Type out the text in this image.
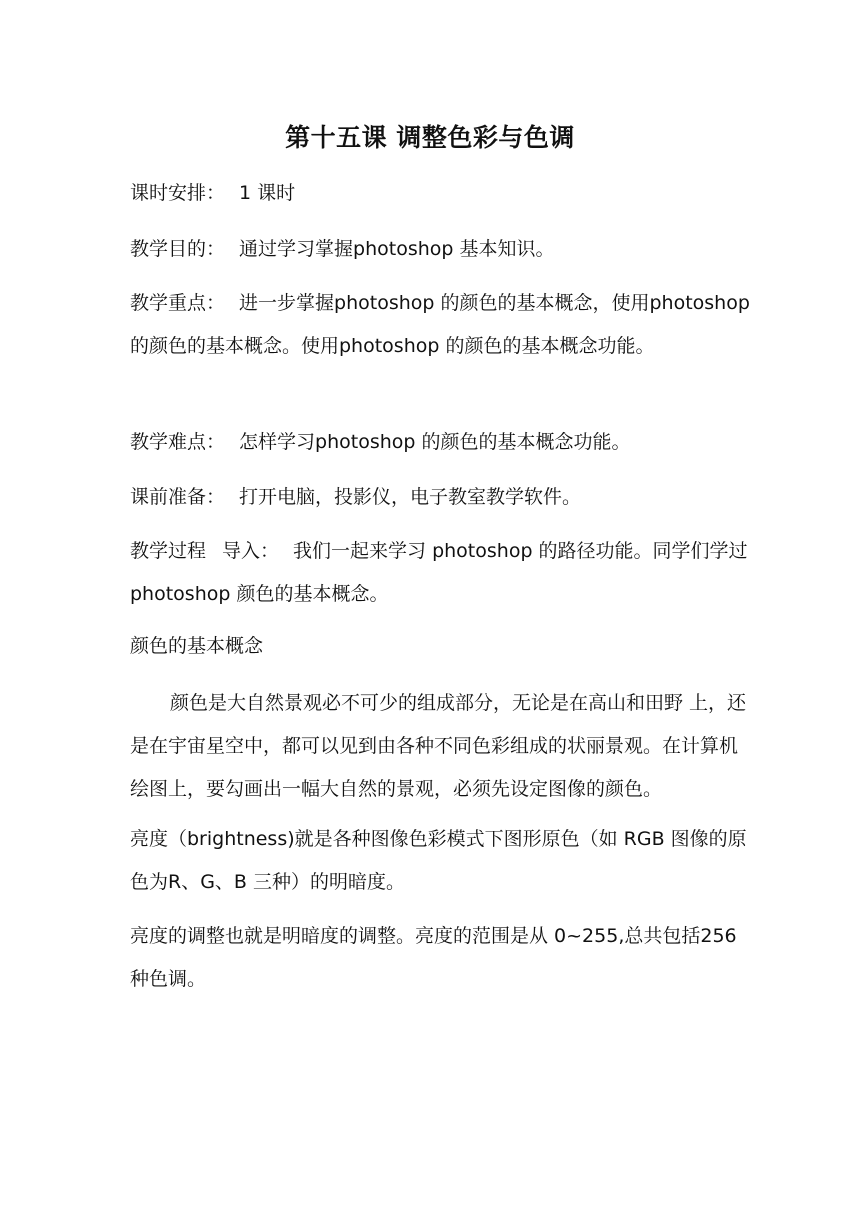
第十五课 调整色彩与色调

课时安排： 1 课时

教学目的： 通过学习掌握photoshop 基本知识。

教学重点： 进一步掌握photoshop 的颜色的基本概念，使用photoshop 的颜色的基本概念。使用photoshop 的颜色的基本概念功能。

教学难点： 怎样学习photoshop 的颜色的基本概念功能。

课前准备： 打开电脑，投影仪，电子教室教学软件。

教学过程 导入： 我们一起来学习 photoshop 的路径功能。同学们学过 photoshop 颜色的基本概念。

颜色的基本概念

颜色是大自然景观必不可少的组成部分，无论是在高山和田野 上，还是在宇宙星空中，都可以见到由各种不同色彩组成的状丽景观。在计算机绘图上，要勾画出一幅大自然的景观，必须先设定图像的颜色。

亮度（brightness)就是各种图像色彩模式下图形原色（如 RGB 图像的原色为R、G、B 三种）的明暗度。

亮度的调整也就是明暗度的调整。亮度的范围是从 0~255,总共包括256 种色调。
